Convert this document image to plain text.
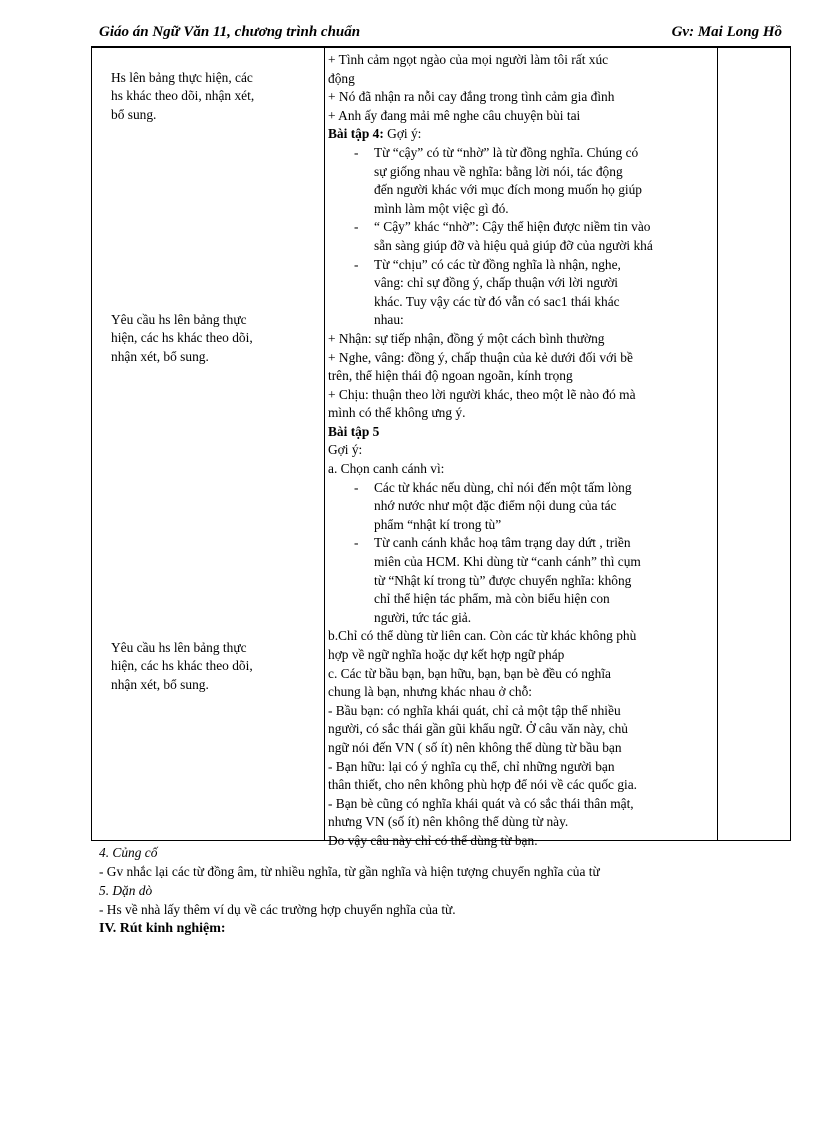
Giáo án Ngữ Văn 11, chương trình chuẩn	Gv: Mai Long Hồ
Hs lên bảng thực hiện, các
hs khác theo dõi, nhận xét,
bổ sung.
Yêu cầu hs lên bảng thực
hiện, các hs khác theo dõi,
nhận xét, bổ sung.
Yêu cầu hs lên bảng thực
hiện, các hs khác theo dõi,
nhận xét, bổ sung.
+ Tình cảm ngọt ngào của mọi người làm tôi rất xúc
động
+ Nó đã nhận ra nỗi cay đắng trong tình cảm gia đình
+ Anh ấy đang mải mê nghe câu chuyện bùi tai
Bài tập 4: Gợi ý:
- Từ “cậy” có từ “nhờ” là từ đồng nghĩa. Chúng có
sự giống nhau về nghĩa: bằng lời nói, tác động
đến người khác với mục đích mong muốn họ giúp
mình làm một việc gì đó.
- “ Cậy” khác “nhờ”: Cậy thể hiện được niềm tin vào
sẵn sàng giúp đỡ và hiệu quả giúp đỡ của người khá
- Từ “chịu” có các từ đồng nghĩa là nhận, nghe,
vâng: chỉ sự đồng ý, chấp thuận với lời người
khác. Tuy vậy các từ đó vẫn có sac1 thái khác
nhau:
+ Nhận: sự tiếp nhận, đồng ý một cách bình thường
+ Nghe, vâng: đồng ý, chấp thuận của kẻ dưới đối với bề
trên, thể hiện thái độ ngoan ngoãn, kính trọng
+ Chịu: thuận theo lời người khác, theo một lẽ nào đó mà
mình có thể không ưng ý.
Bài tập 5
Gợi ý:
a. Chọn canh cánh vì:
- Các từ khác nếu dùng, chỉ nói đến một tấm lòng
nhớ nước như một đặc điểm nội dung của tác
phẩm “nhật kí trong tù”
- Từ canh cánh khắc hoạ tâm trạng day dứt , triền
miên của HCM. Khi dùng từ “canh cánh” thì cụm
từ “Nhật kí trong tù” được chuyển nghĩa: không
chỉ thể hiện tác phẩm, mà còn biểu hiện con
người, tức tác giả.
b.Chỉ có thể dùng từ liên can. Còn các từ khác không phù
hợp về ngữ nghĩa hoặc dự kết hợp ngữ pháp
c. Các từ bầu bạn, bạn hữu, bạn, bạn bè đều có nghĩa
chung là bạn, nhưng khác nhau ở chỗ:
- Bầu bạn: có nghĩa khái quát, chỉ cả một tập thể nhiều
người, có sắc thái gần gũi khẩu ngữ. Ở câu văn này, chủ
ngữ nói đến VN ( số ít) nên không thể dùng từ bầu bạn
- Bạn hữu: lại có ý nghĩa cụ thể, chỉ những người bạn
thân thiết, cho nên không phù hợp để nói về các quốc gia.
- Bạn bè cũng có nghĩa khái quát và có sắc thái thân mật,
nhưng VN (số ít) nên không thể dùng từ này.
Do vậy câu này chỉ có thể dùng từ bạn.
4. Củng cố
- Gv nhắc lại các từ đồng âm, từ nhiều nghĩa, từ gần nghĩa và hiện tượng chuyển nghĩa của từ
5. Dặn dò
- Hs về nhà lấy thêm ví dụ về các trường hợp chuyển nghĩa của từ.
IV. Rút kinh nghiệm:
